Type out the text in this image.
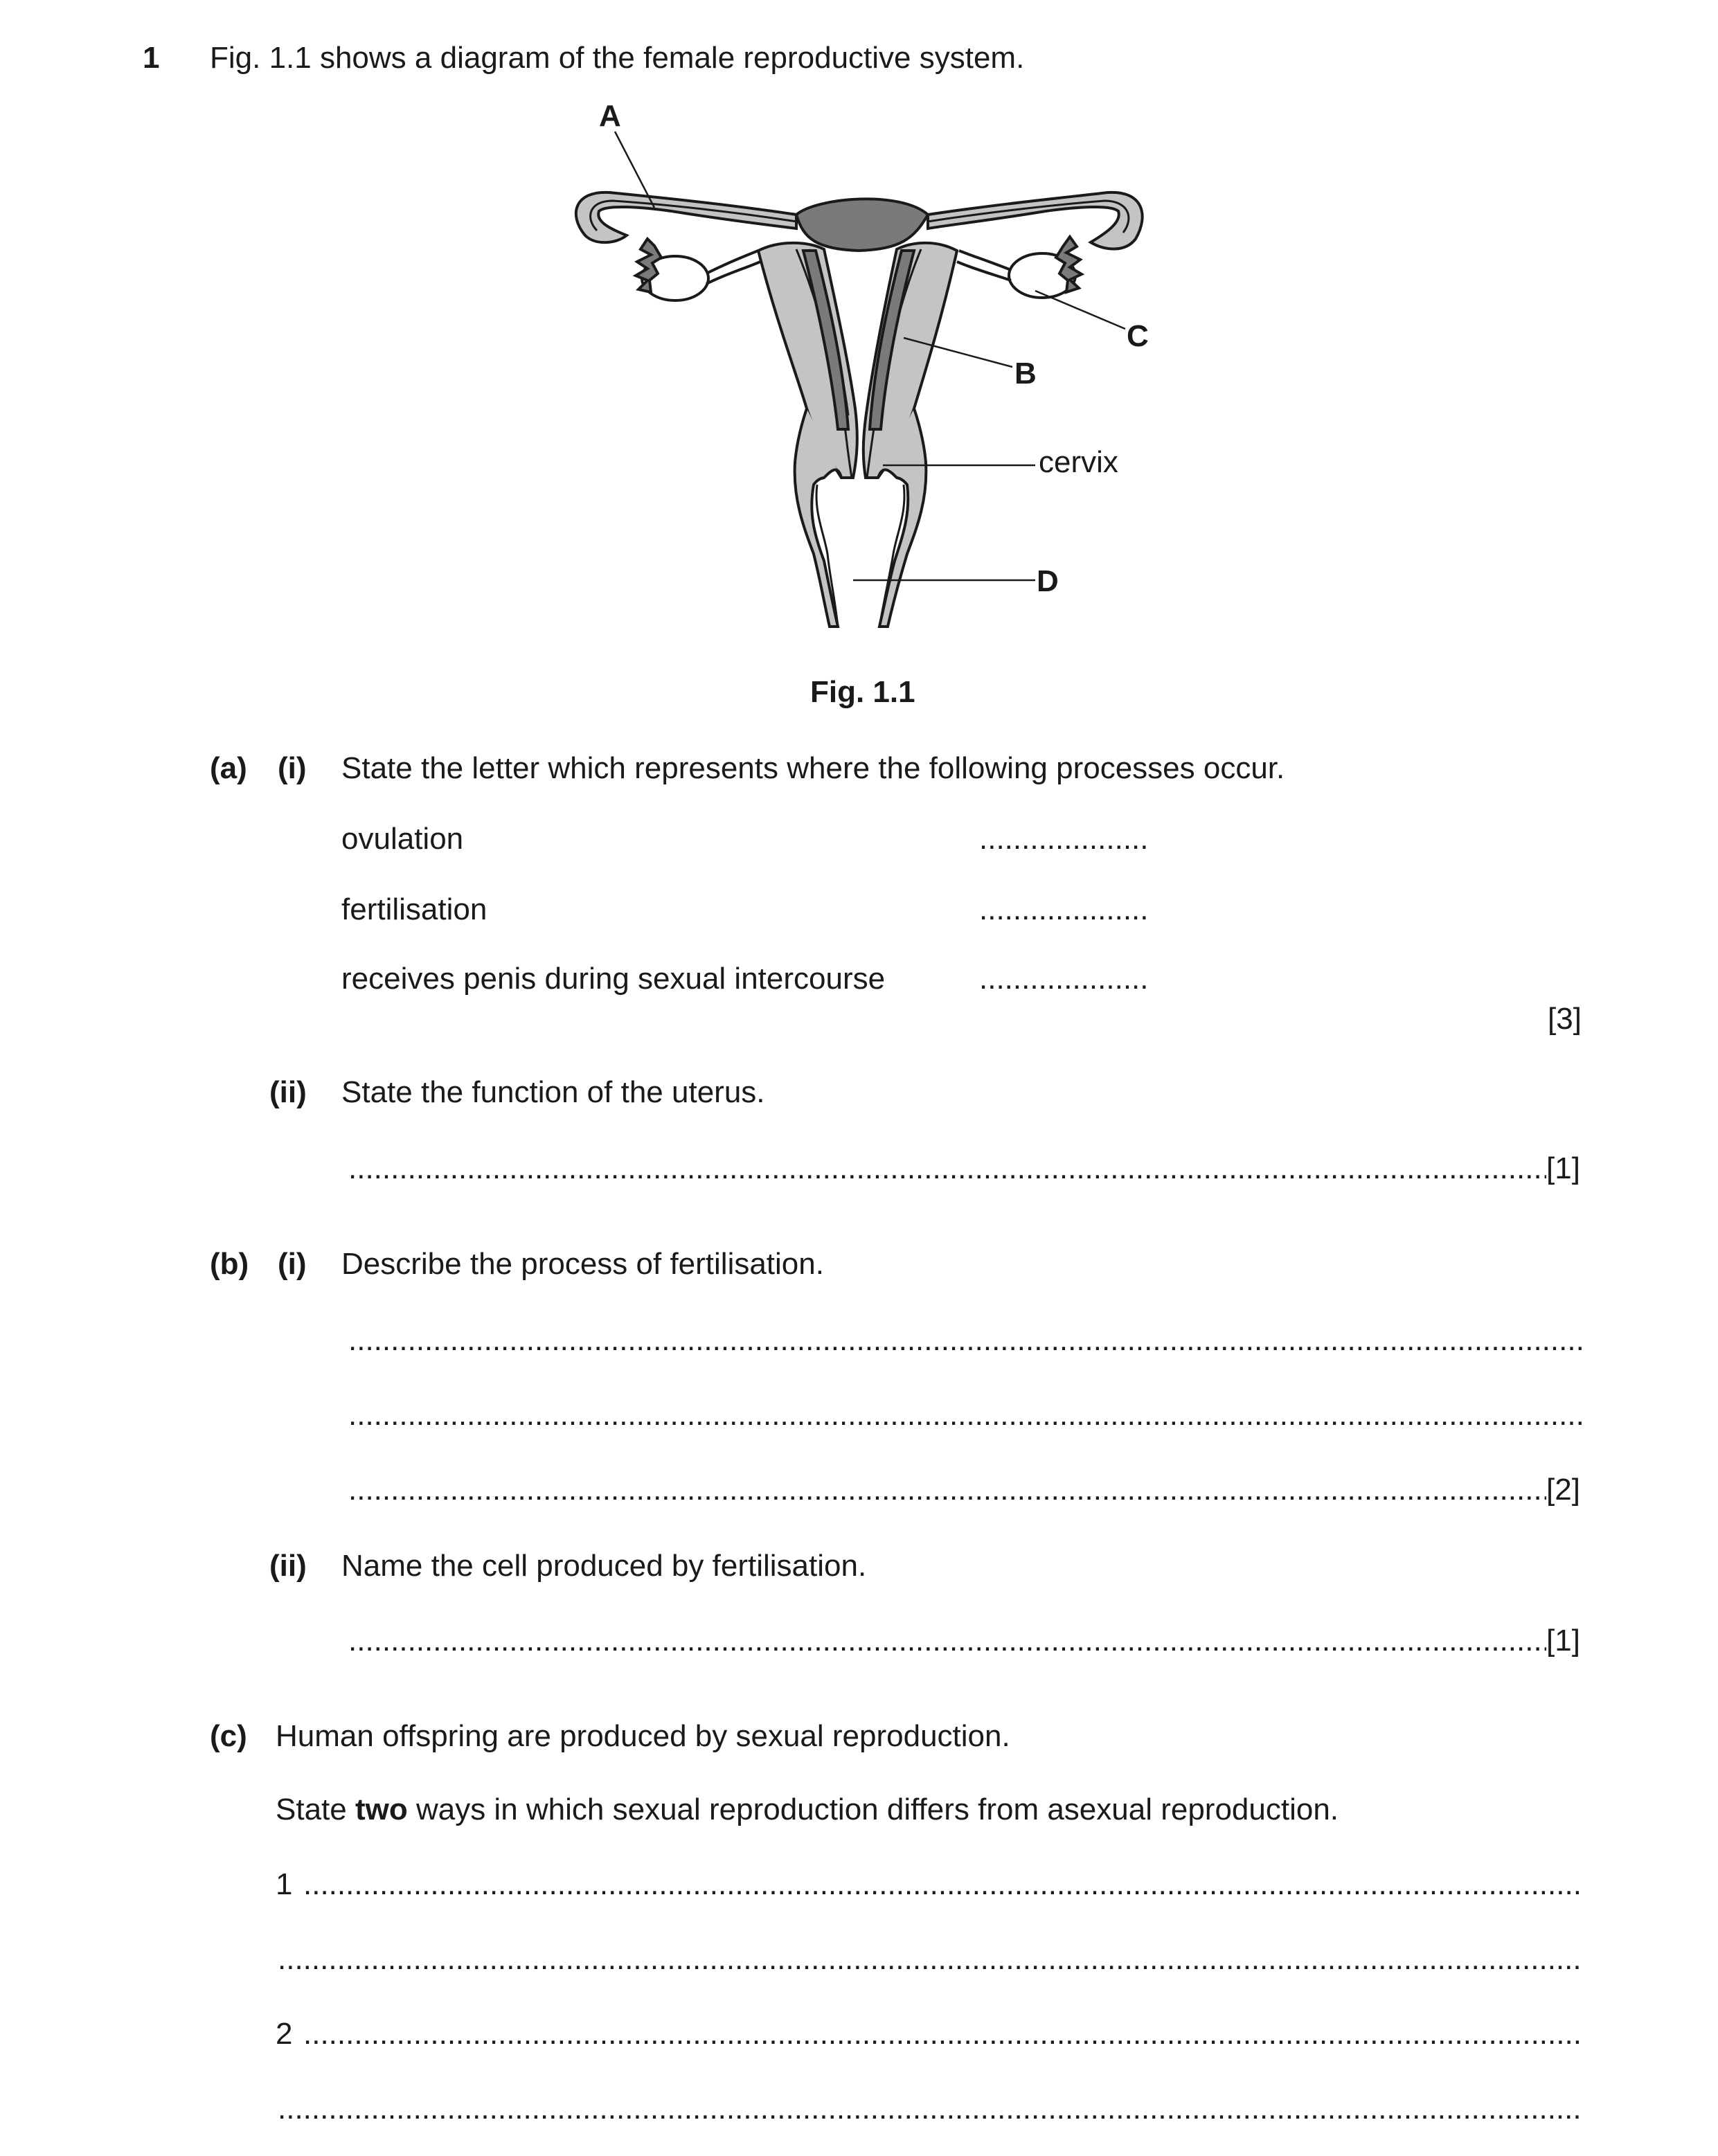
1 Fig. 1.1 shows a diagram of the female reproductive system.
A
B
C
cervix
D
Fig. 1.1
(a) (i) State the letter which represents where the following processes occur.
ovulation	....................
fertilisation	....................
receives penis during sexual intercourse	....................
[3]
(ii) State the function of the uterus.
.....
[1]
(b) (i) Describe the process of fertilisation.
.....
.....
.....
[2]
(ii) Name the cell produced by fertilisation.
.....
[1]
(c) Human offspring are produced by sexual reproduction.
State two ways in which sexual reproduction differs from asexual reproduction.
1
.....
.....
2
.....
.....
